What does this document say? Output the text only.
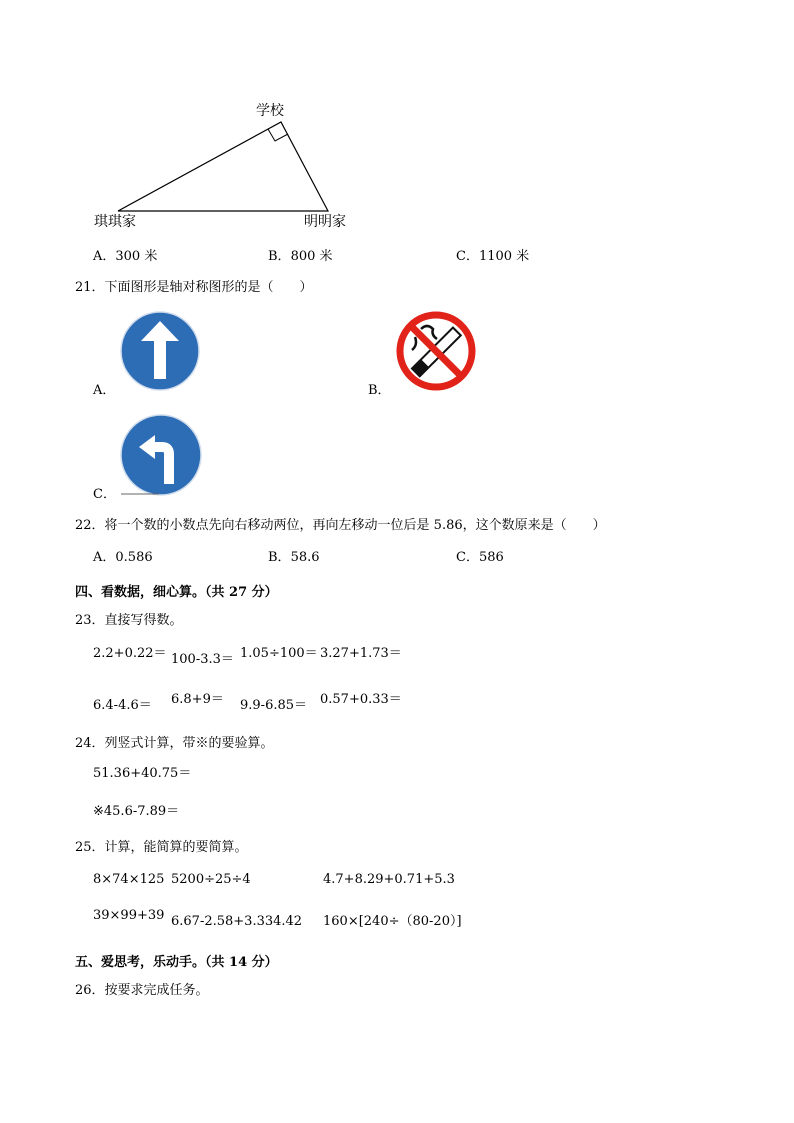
学校
琪琪家	明明家
A．300 米	B．800 米	C．1100 米
21．下面图形是轴对称图形的是（　　）
A．	B．
C．
22．将一个数的小数点先向右移动两位，再向左移动一位后是 5.86，这个数原来是（　　）
A．0.586	B．58.6	C．586
四、看数据，细心算。（共 27 分）
23．直接写得数。
2.2+0.22＝ 100-3.3＝ 1.05÷100＝ 3.27+1.73＝
6.4-4.6＝ 6.8+9＝ 9.9-6.85＝ 0.57+0.33＝
24．列竖式计算，带※的要验算。
51.36+40.75＝
※45.6-7.89＝
25．计算，能简算的要简算。
8×74×125 5200÷25÷4	4.7+8.29+0.71+5.3
39×99+39 6.67-2.58+3.334.42 160×[240÷（80-20）]
五、爱思考，乐动手。（共 14 分）
26．按要求完成任务。
